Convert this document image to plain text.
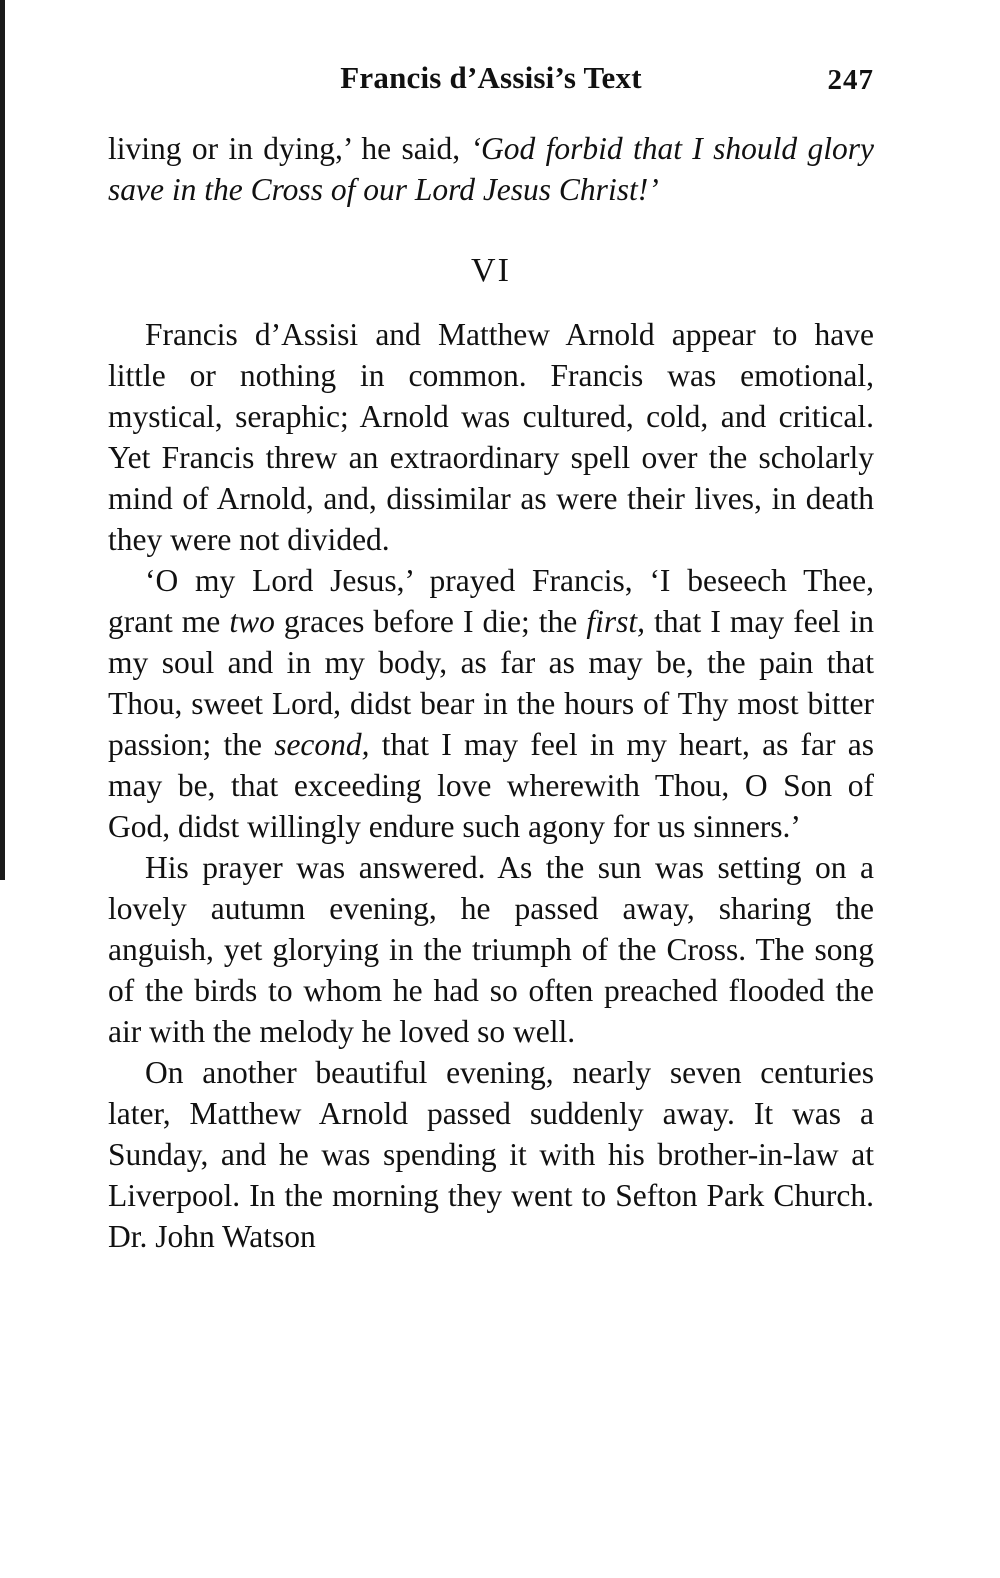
Francis d’Assisi’s Text	247

living or in dying,’ he said, ‘God forbid that I should glory save in the Cross of our Lord Jesus Christ!’

VI

Francis d’Assisi and Matthew Arnold appear to have little or nothing in common. Francis was emotional, mystical, seraphic; Arnold was cultured, cold, and critical. Yet Francis threw an extraordinary spell over the scholarly mind of Arnold, and, dissimilar as were their lives, in death they were not divided.

‘O my Lord Jesus,’ prayed Francis, ‘I beseech Thee, grant me two graces before I die; the first, that I may feel in my soul and in my body, as far as may be, the pain that Thou, sweet Lord, didst bear in the hours of Thy most bitter passion; the second, that I may feel in my heart, as far as may be, that exceeding love wherewith Thou, O Son of God, didst willingly endure such agony for us sinners.’

His prayer was answered. As the sun was setting on a lovely autumn evening, he passed away, sharing the anguish, yet glorying in the triumph of the Cross. The song of the birds to whom he had so often preached flooded the air with the melody he loved so well.

On another beautiful evening, nearly seven centuries later, Matthew Arnold passed suddenly away. It was a Sunday, and he was spending it with his brother-in-law at Liverpool. In the morning they went to Sefton Park Church. Dr. John Watson
